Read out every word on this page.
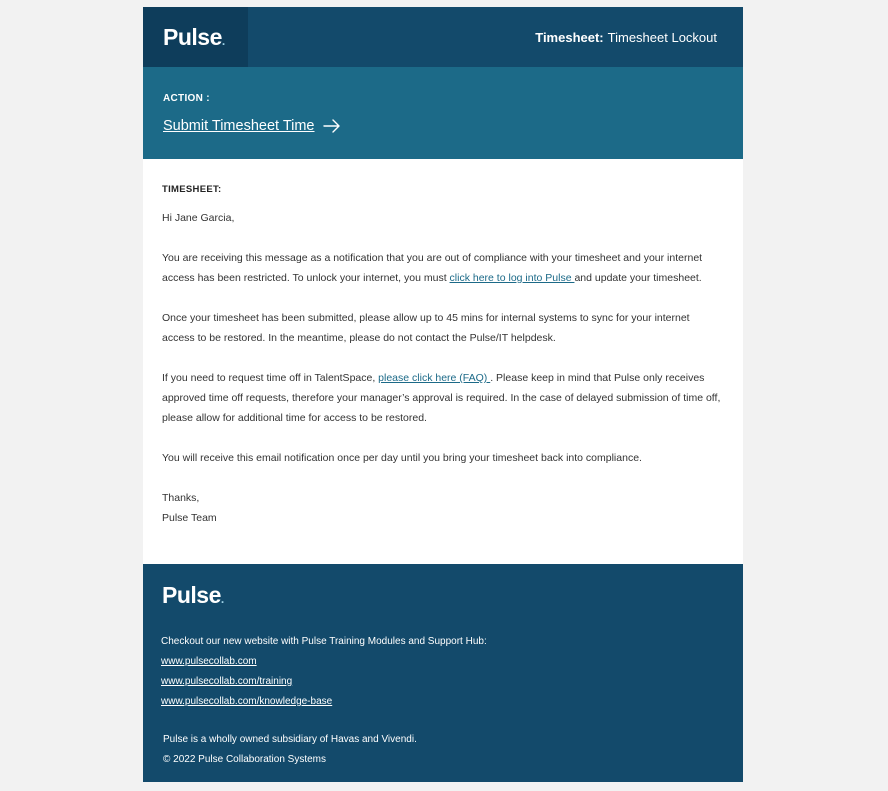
Pulse.	Timesheet: Timesheet Lockout
ACTION :
Submit Timesheet Time
TIMESHEET:

Hi Jane Garcia,

You are receiving this message as a notification that you are out of compliance with your timesheet and your internet access has been restricted. To unlock your internet, you must click here to log into Pulse and update your timesheet.

Once your timesheet has been submitted, please allow up to 45 mins for internal systems to sync for your internet access to be restored. In the meantime, please do not contact the Pulse/IT helpdesk.

If you need to request time off in TalentSpace, please click here (FAQ) . Please keep in mind that Pulse only receives approved time off requests, therefore your manager’s approval is required. In the case of delayed submission of time off, please allow for additional time for access to be restored.

You will receive this email notification once per day until you bring your timesheet back into compliance.

Thanks,
Pulse Team
Pulse.
Checkout our new website with Pulse Training Modules and Support Hub:
www.pulsecollab.com
www.pulsecollab.com/training
www.pulsecollab.com/knowledge-base
Pulse is a wholly owned subsidiary of Havas and Vivendi.
© 2022 Pulse Collaboration Systems
